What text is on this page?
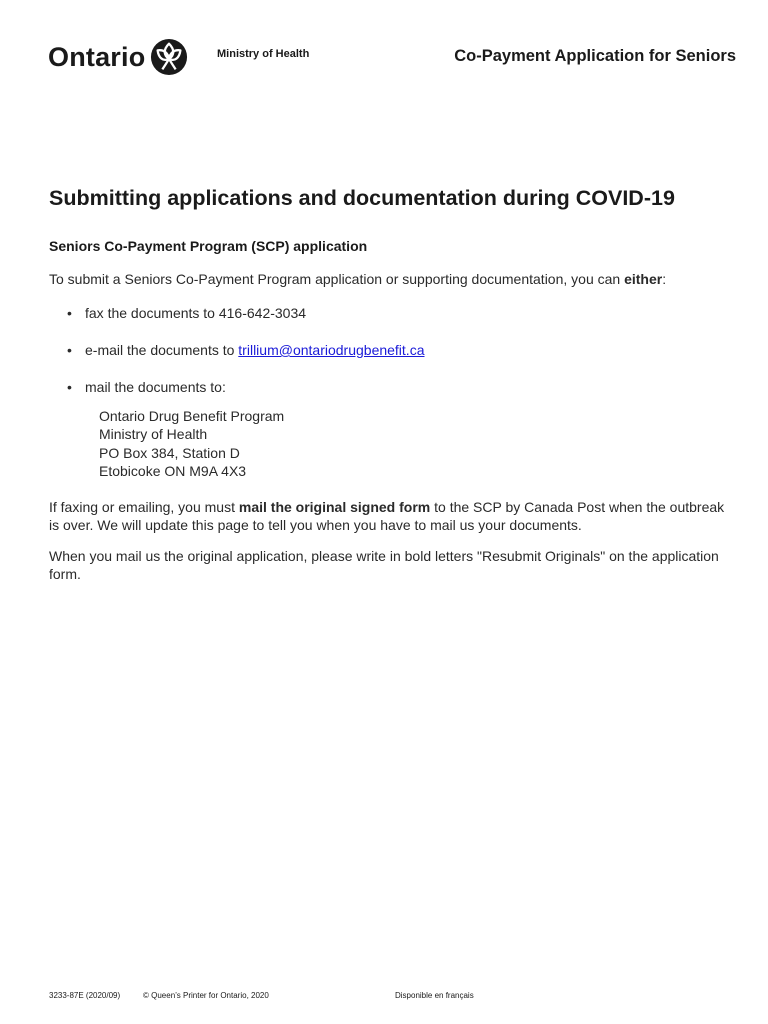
Ontario	Ministry of Health	Co-Payment Application for Seniors
Submitting applications and documentation during COVID-19
Seniors Co-Payment Program (SCP) application

To submit a Seniors Co-Payment Program application or supporting documentation, you can either:

• fax the documents to 416-642-3034
• e-mail the documents to trillium@ontariodrugbenefit.ca
• mail the documents to:
Ontario Drug Benefit Program
Ministry of Health
PO Box 384, Station D
Etobicoke ON M9A 4X3

If faxing or emailing, you must mail the original signed form to the SCP by Canada Post when the outbreak is over. We will update this page to tell you when you have to mail us your documents.

When you mail us the original application, please write in bold letters "Resubmit Originals" on the application form.

3233-87E (2020/09)	© Queen’s Printer for Ontario, 2020	Disponible en français
